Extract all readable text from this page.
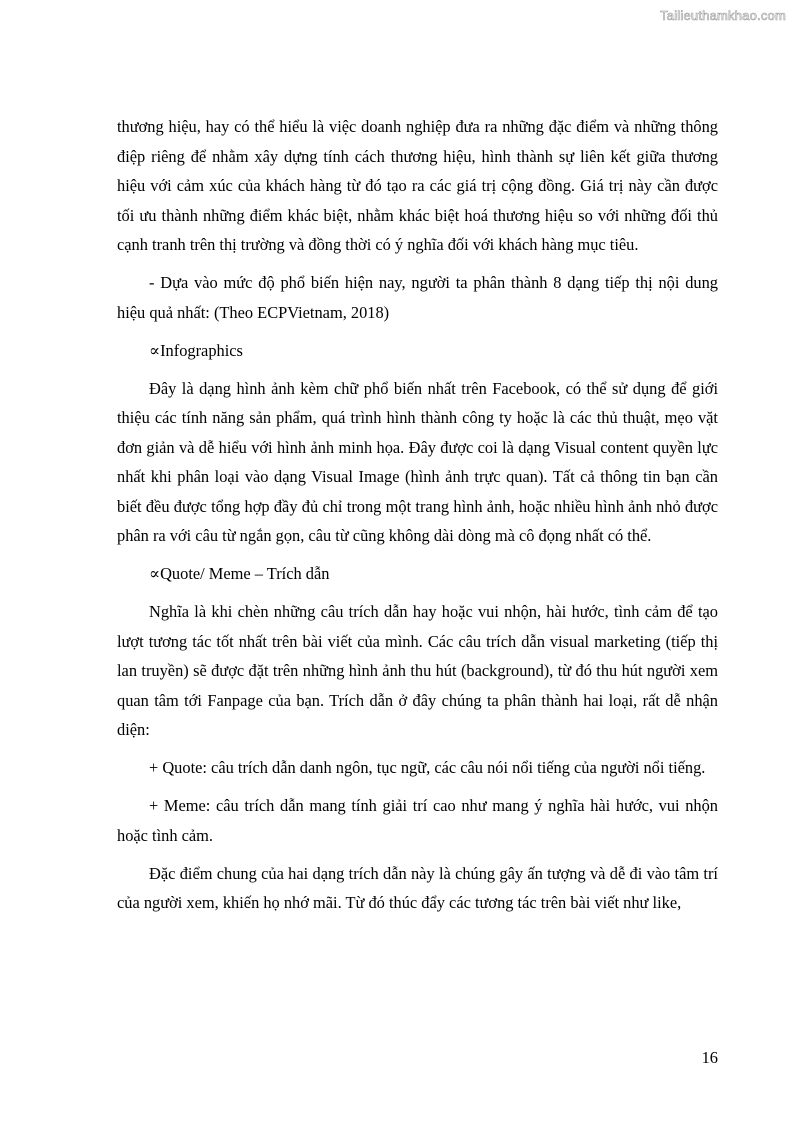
Tailieuthamkhao.com

thương hiệu, hay có thể hiểu là việc doanh nghiệp đưa ra những đặc điểm và những thông điệp riêng để nhằm xây dựng tính cách thương hiệu, hình thành sự liên kết giữa thương hiệu với cảm xúc của khách hàng từ đó tạo ra các giá trị cộng đồng. Giá trị này cần được tối ưu thành những điểm khác biệt, nhằm khác biệt hoá thương hiệu so với những đối thủ cạnh tranh trên thị trường và đồng thời có ý nghĩa đối với khách hàng mục tiêu.

- Dựa vào mức độ phổ biến hiện nay, người ta phân thành 8 dạng tiếp thị nội dung hiệu quả nhất: (Theo ECPVietnam, 2018)

∝Infographics

Đây là dạng hình ảnh kèm chữ phổ biến nhất trên Facebook, có thể sử dụng để giới thiệu các tính năng sản phẩm, quá trình hình thành công ty hoặc là các thủ thuật, mẹo vặt đơn giản và dễ hiểu với hình ảnh minh họa. Đây được coi là dạng Visual content quyền lực nhất khi phân loại vào dạng Visual Image (hình ảnh trực quan). Tất cả thông tin bạn cần biết đều được tổng hợp đầy đủ chỉ trong một trang hình ảnh, hoặc nhiều hình ảnh nhỏ được phân ra với câu từ ngắn gọn, câu từ cũng không dài dòng mà cô đọng nhất có thể.

∝Quote/ Meme – Trích dẫn

Nghĩa là khi chèn những câu trích dẫn hay hoặc vui nhộn, hài hước, tình cảm để tạo lượt tương tác tốt nhất trên bài viết của mình. Các câu trích dẫn visual marketing (tiếp thị lan truyền) sẽ được đặt trên những hình ảnh thu hút (background), từ đó thu hút người xem quan tâm tới Fanpage của bạn. Trích dẫn ở đây chúng ta phân thành hai loại, rất dễ nhận diện:

+ Quote: câu trích dẫn danh ngôn, tục ngữ, các câu nói nổi tiếng của người nổi tiếng.

+ Meme: câu trích dẫn mang tính giải trí cao như mang ý nghĩa hài hước, vui nhộn hoặc tình cảm.

Đặc điểm chung của hai dạng trích dẫn này là chúng gây ấn tượng và dễ đi vào tâm trí của người xem, khiến họ nhớ mãi. Từ đó thúc đẩy các tương tác trên bài viết như like,

16
